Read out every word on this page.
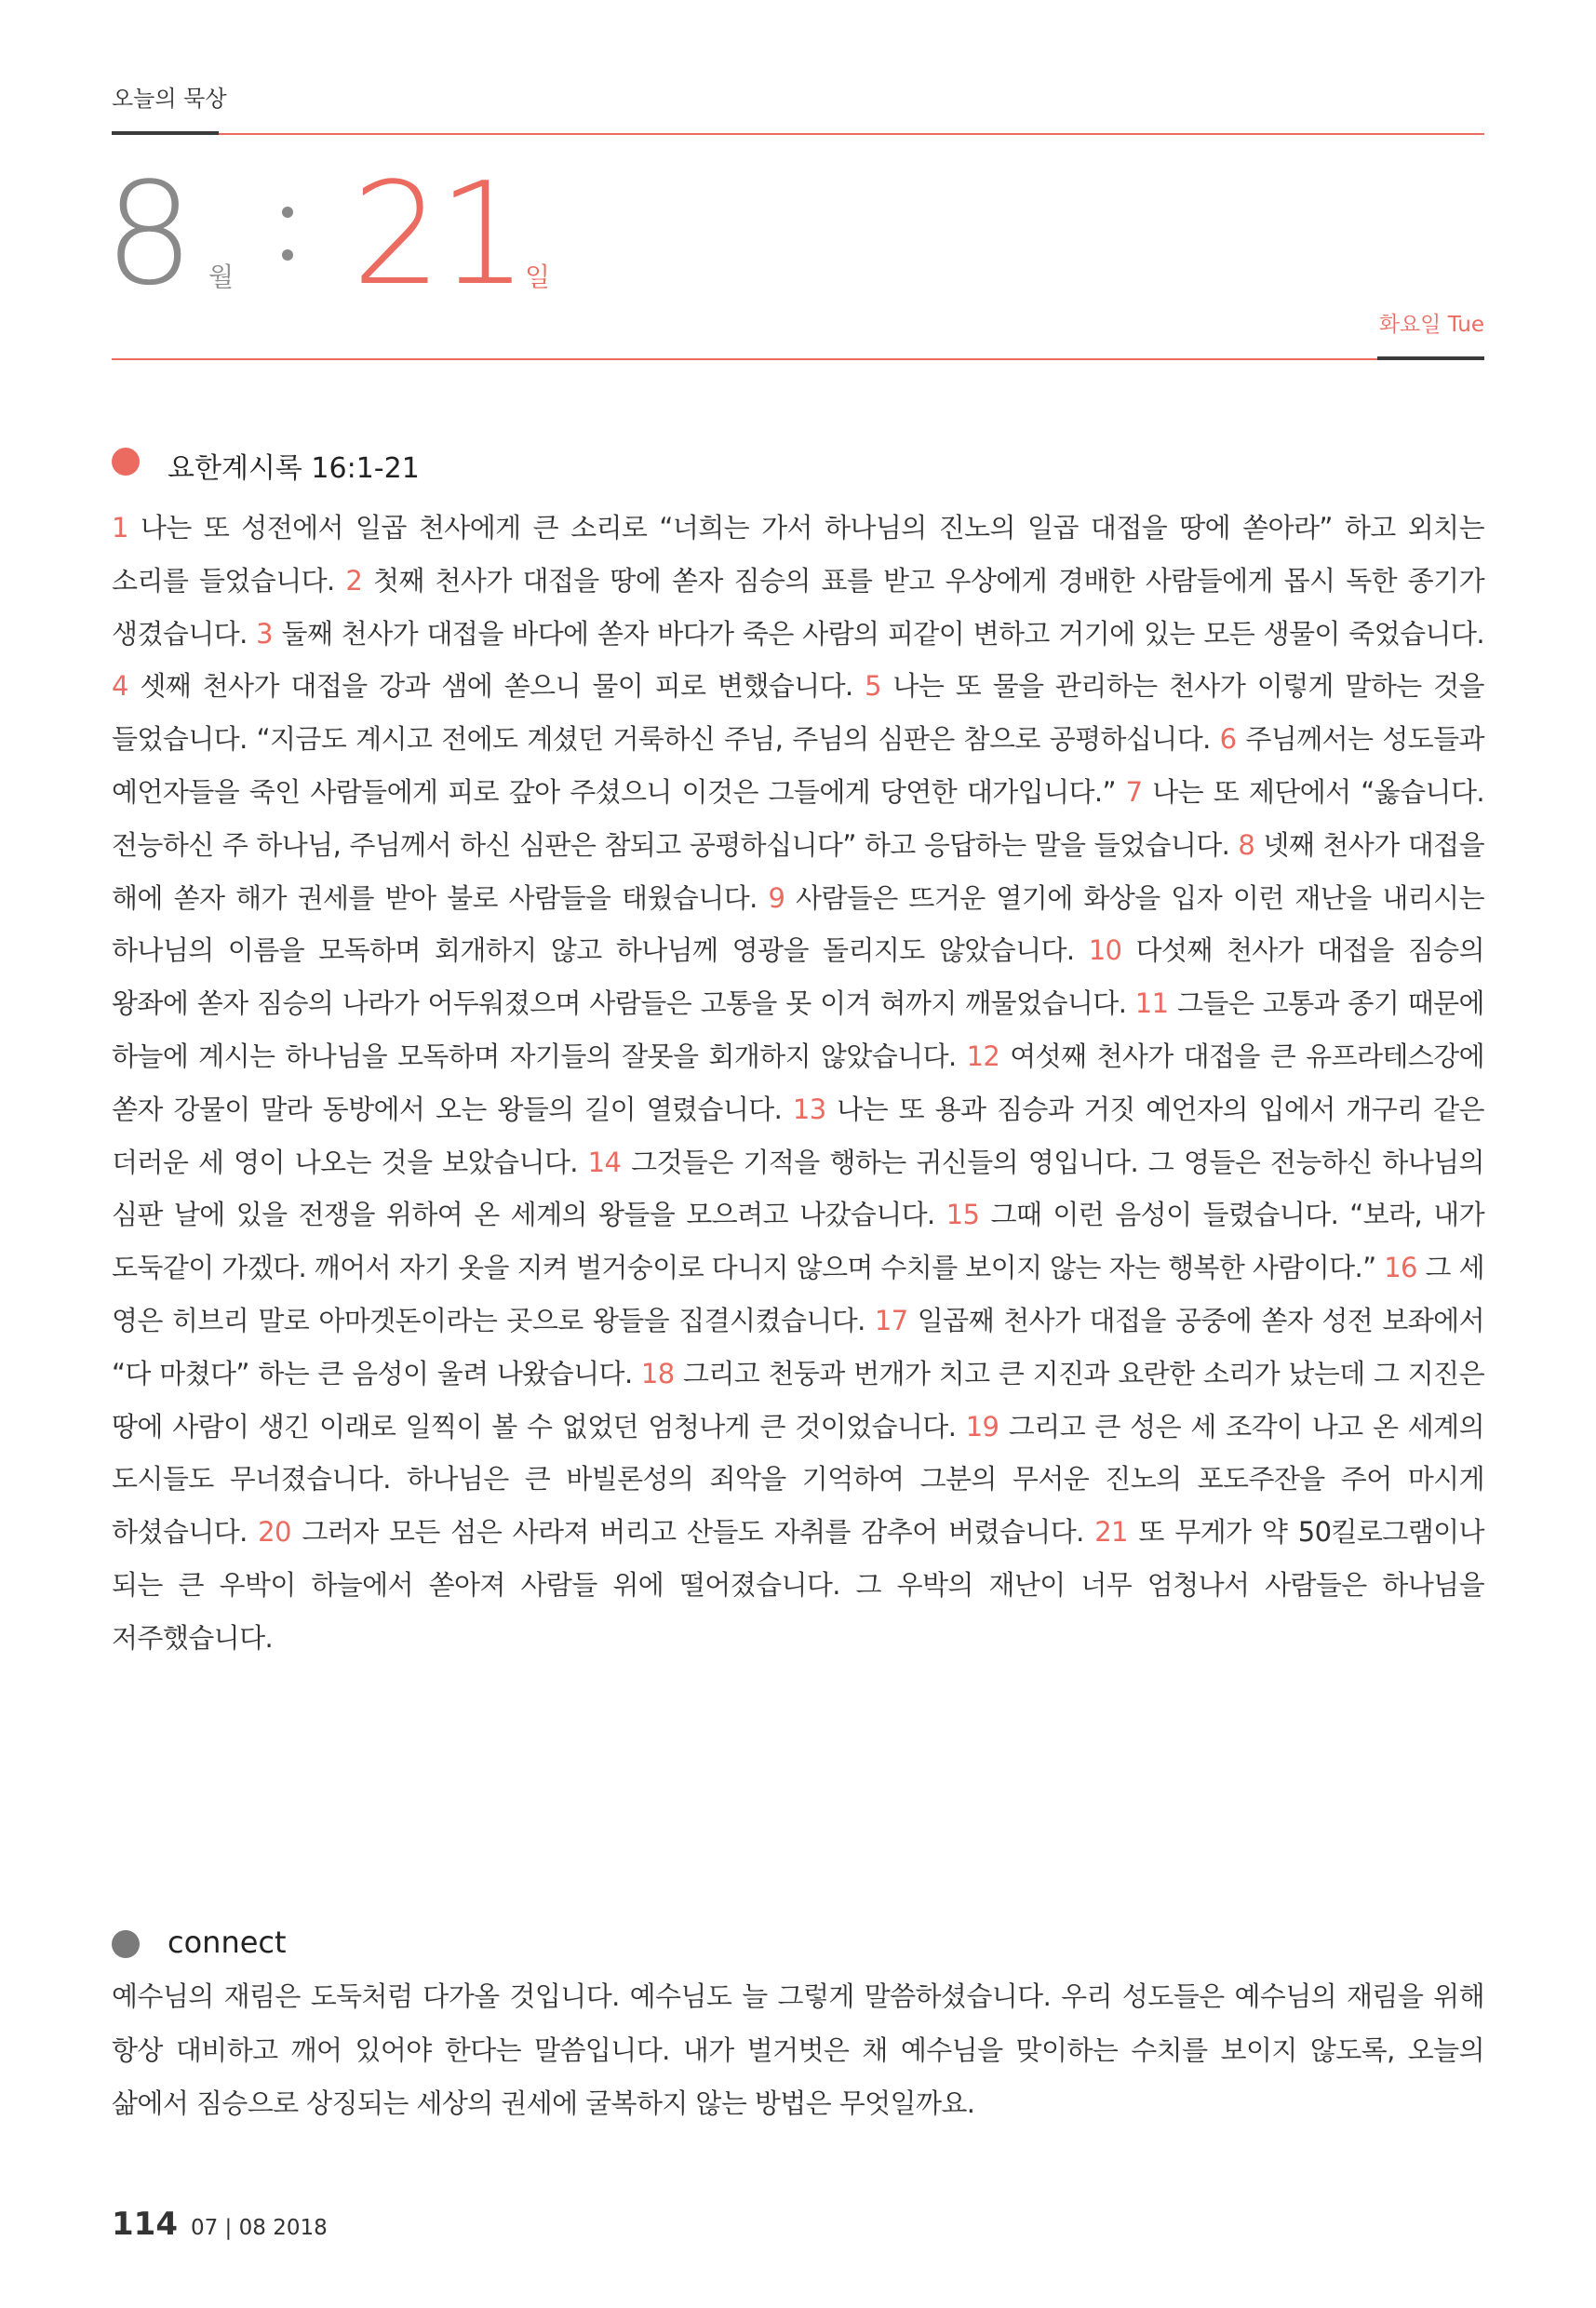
오늘의 묵상
8 월 21 일
화요일 Tue
요한계시록 16:1-21
1 나는 또 성전에서 일곱 천사에게 큰 소리로 “너희는 가서 하나님의 진노의 일곱 대접을 땅에 쏟아라” 하고 외치는 소리를 들었습니다. 2 첫째 천사가 대접을 땅에 쏟자 짐승의 표를 받고 우상에게 경배한 사람들에게 몹시 독한 종기가 생겼습니다. 3 둘째 천사가 대접을 바다에 쏟자 바다가 죽은 사람의 피같이 변하고 거기에 있는 모든 생물이 죽었습니다. 4 셋째 천사가 대접을 강과 샘에 쏟으니 물이 피로 변했습니다. 5 나는 또 물을 관리하는 천사가 이렇게 말하는 것을 들었습니다. “지금도 계시고 전에도 계셨던 거룩하신 주님, 주님의 심판은 참으로 공평하십니다. 6 주님께서는 성도들과 예언자들을 죽인 사람들에게 피로 갚아 주셨으니 이것은 그들에게 당연한 대가입니다.” 7 나는 또 제단에서 “옳습니다. 전능하신 주 하나님, 주님께서 하신 심판은 참되고 공평하십니다” 하고 응답하는 말을 들었습니다. 8 넷째 천사가 대접을 해에 쏟자 해가 권세를 받아 불로 사람들을 태웠습니다. 9 사람들은 뜨거운 열기에 화상을 입자 이런 재난을 내리시는 하나님의 이름을 모독하며 회개하지 않고 하나님께 영광을 돌리지도 않았습니다. 10 다섯째 천사가 대접을 짐승의 왕좌에 쏟자 짐승의 나라가 어두워졌으며 사람들은 고통을 못 이겨 혀까지 깨물었습니다. 11 그들은 고통과 종기 때문에 하늘에 계시는 하나님을 모독하며 자기들의 잘못을 회개하지 않았습니다. 12 여섯째 천사가 대접을 큰 유프라테스강에 쏟자 강물이 말라 동방에서 오는 왕들의 길이 열렸습니다. 13 나는 또 용과 짐승과 거짓 예언자의 입에서 개구리 같은 더러운 세 영이 나오는 것을 보았습니다. 14 그것들은 기적을 행하는 귀신들의 영입니다. 그 영들은 전능하신 하나님의 심판 날에 있을 전쟁을 위하여 온 세계의 왕들을 모으려고 나갔습니다. 15 그때 이런 음성이 들렸습니다. “보라, 내가 도둑같이 가겠다. 깨어서 자기 옷을 지켜 벌거숭이로 다니지 않으며 수치를 보이지 않는 자는 행복한 사람이다.” 16 그 세 영은 히브리 말로 아마겟돈이라는 곳으로 왕들을 집결시켰습니다. 17 일곱째 천사가 대접을 공중에 쏟자 성전 보좌에서 “다 마쳤다” 하는 큰 음성이 울려 나왔습니다. 18 그리고 천둥과 번개가 치고 큰 지진과 요란한 소리가 났는데 그 지진은 땅에 사람이 생긴 이래로 일찍이 볼 수 없었던 엄청나게 큰 것이었습니다. 19 그리고 큰 성은 세 조각이 나고 온 세계의 도시들도 무너졌습니다. 하나님은 큰 바빌론성의 죄악을 기억하여 그분의 무서운 진노의 포도주잔을 주어 마시게 하셨습니다. 20 그러자 모든 섬은 사라져 버리고 산들도 자취를 감추어 버렸습니다. 21 또 무게가 약 50킬로그램이나 되는 큰 우박이 하늘에서 쏟아져 사람들 위에 떨어졌습니다. 그 우박의 재난이 너무 엄청나서 사람들은 하나님을 저주했습니다.
connect
예수님의 재림은 도둑처럼 다가올 것입니다. 예수님도 늘 그렇게 말씀하셨습니다. 우리 성도들은 예수님의 재림을 위해 항상 대비하고 깨어 있어야 한다는 말씀입니다. 내가 벌거벗은 채 예수님을 맞이하는 수치를 보이지 않도록, 오늘의 삶에서 짐승으로 상징되는 세상의 권세에 굴복하지 않는 방법은 무엇일까요.
114 07 | 08 2018
